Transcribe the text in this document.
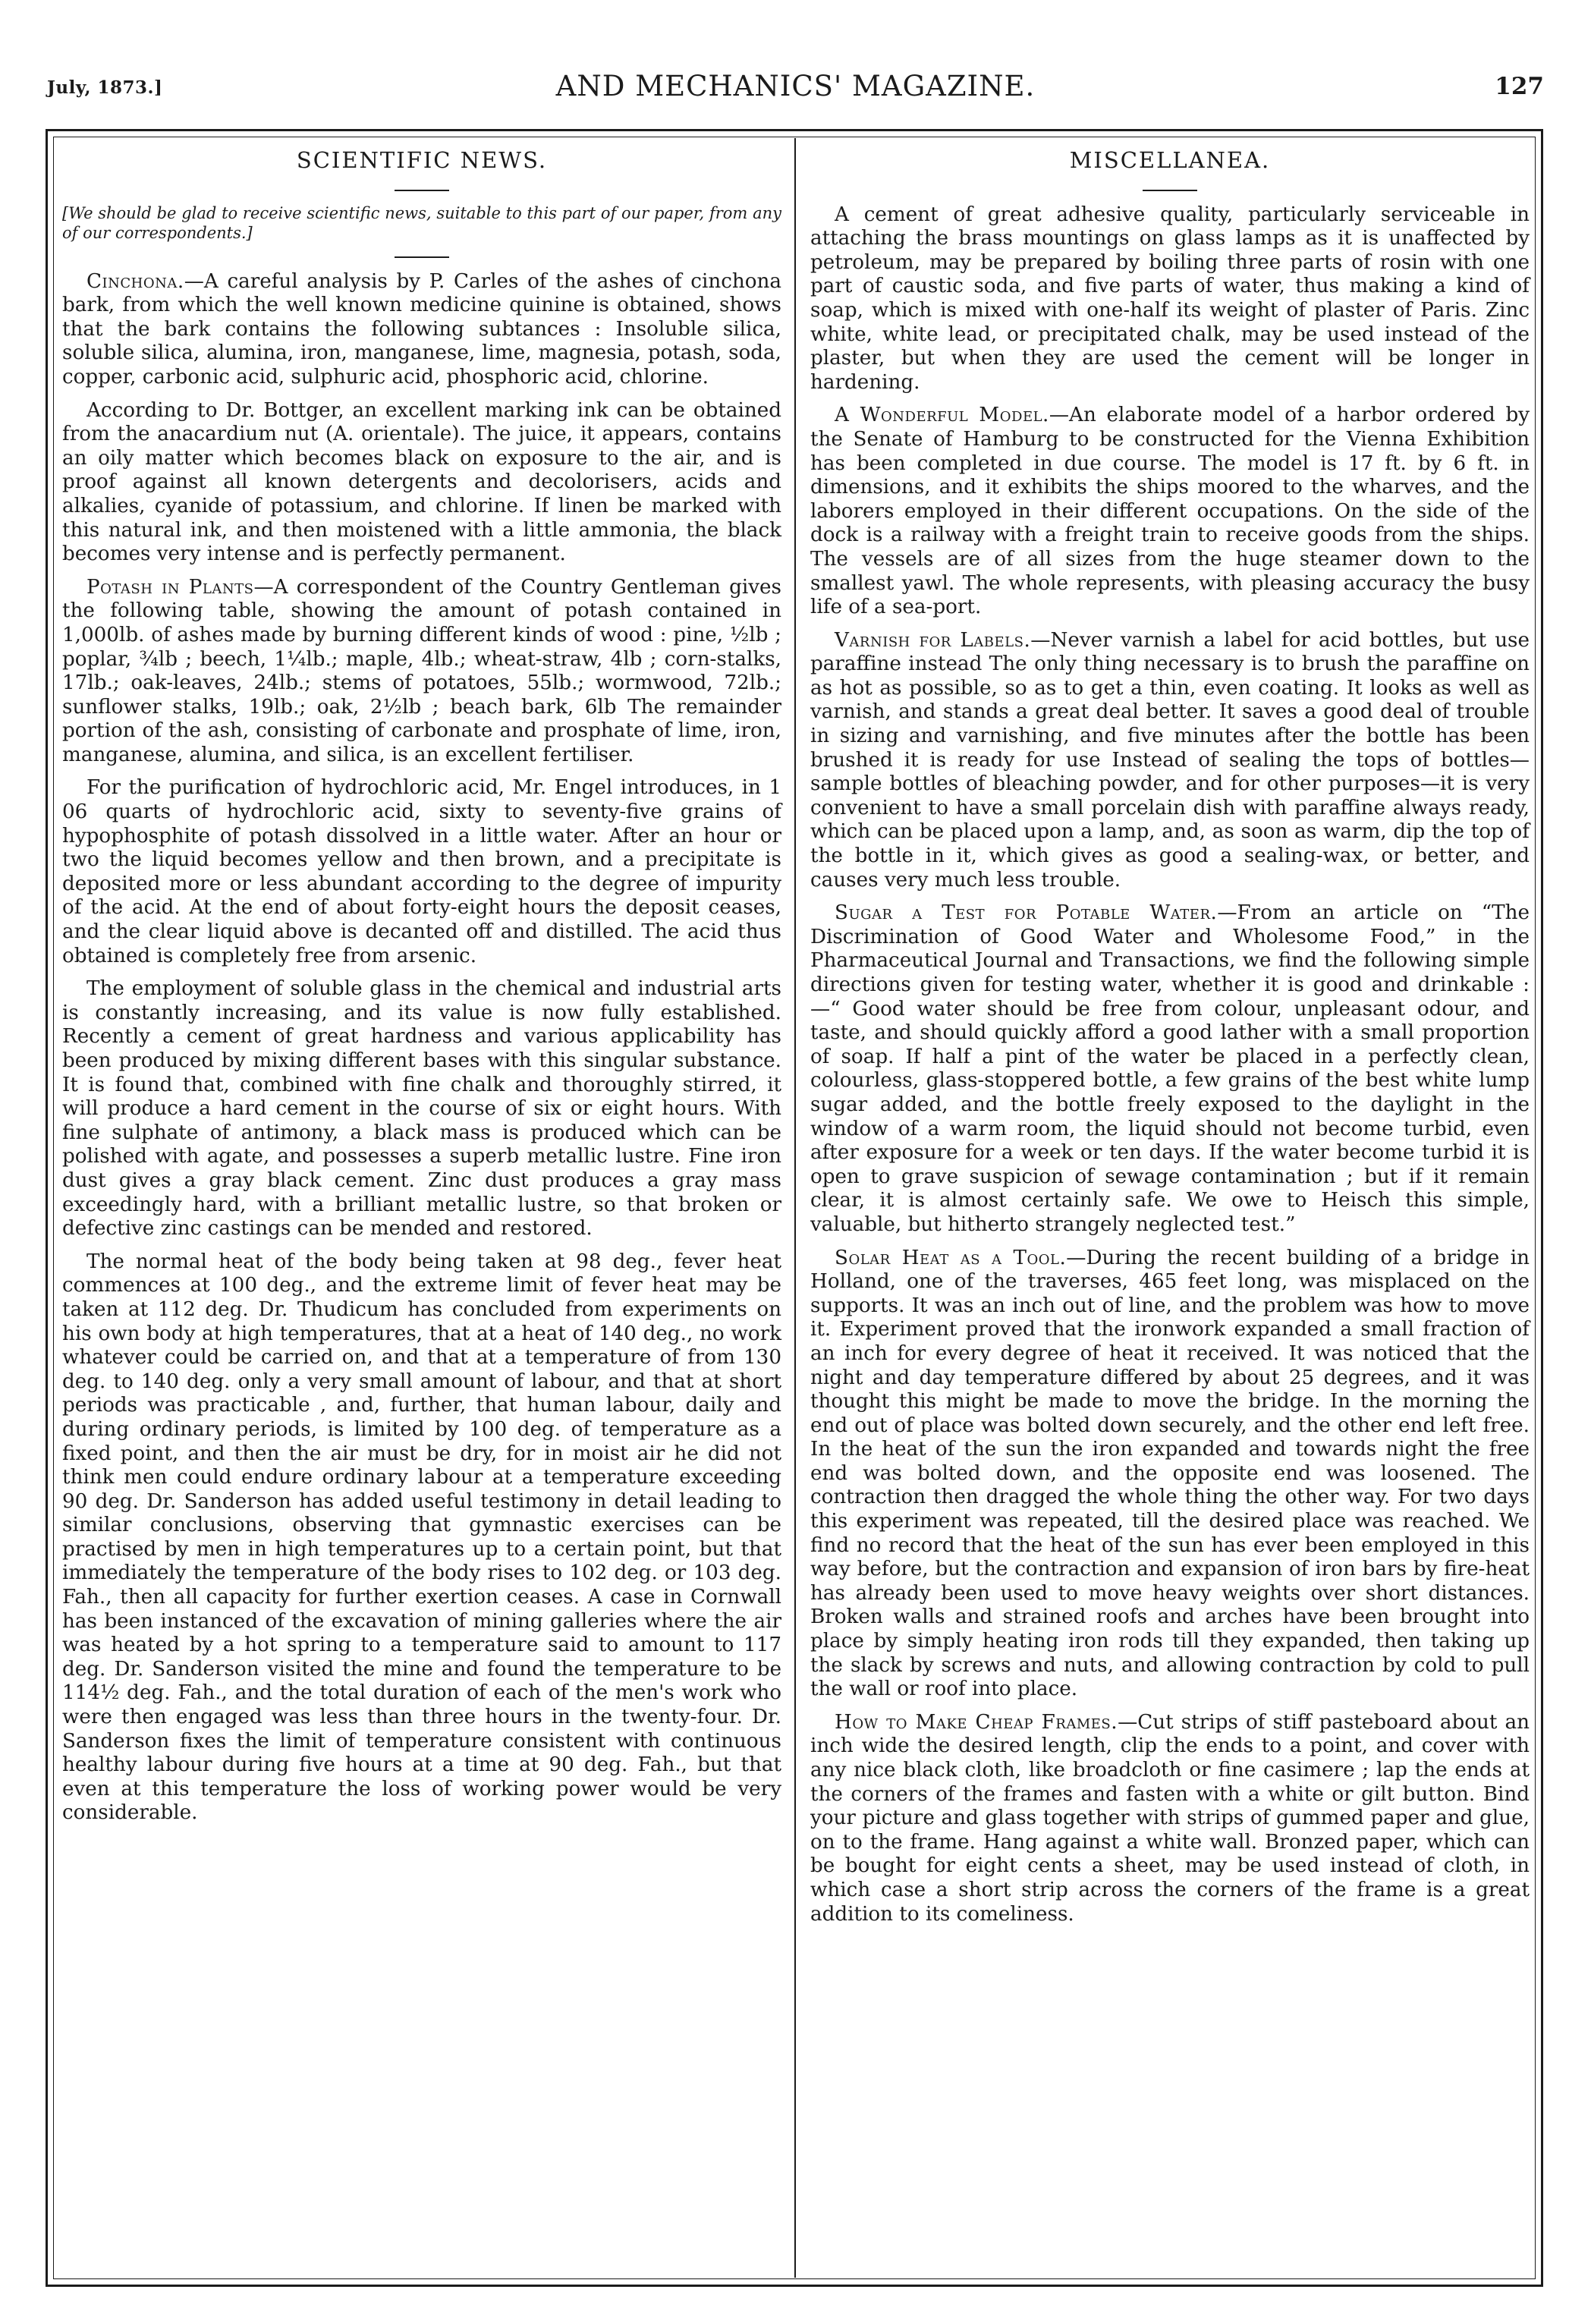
July, 1873.]	AND MECHANICS' MAGAZINE.	127
SCIENTIFIC NEWS.
[We should be glad to receive scientific news, suitable to this part of our paper, from any of our correspondents.]

Cinchona.—A careful analysis by P. Carles of the ashes of cinchona bark, from which the well known medicine quinine is obtained, shows that the bark contains the following subtances : Insoluble silica, soluble silica, alumina, iron, manganese, lime, magnesia, potash, soda, copper, carbonic acid, sulphuric acid, phosphoric acid, chlorine.

According to Dr. Bottger, an excellent marking ink can be obtained from the anacardium nut (A. orientale). The juice, it appears, contains an oily matter which becomes black on exposure to the air, and is proof against all known detergents and decolorisers, acids and alkalies, cyanide of potassium, and chlorine. If linen be marked with this natural ink, and then moistened with a little ammonia, the black becomes very intense and is perfectly permanent.

Potash in Plants—A correspondent of the Country Gentleman gives the following table, showing the amount of potash contained in 1,000lb. of ashes made by burning different kinds of wood : pine, ½lb ; poplar, ¾lb ; beech, 1¼lb.; maple, 4lb.; wheat-straw, 4lb ; corn-stalks, 17lb.; oak-leaves, 24lb.; stems of potatoes, 55lb.; wormwood, 72lb.; sunflower stalks, 19lb.; oak, 2½lb ; beach bark, 6lb The remainder portion of the ash, consisting of carbonate and prosphate of lime, iron, manganese, alumina, and silica, is an excellent fertiliser.

For the purification of hydrochloric acid, Mr. Engel introduces, in 1 06 quarts of hydrochloric acid, sixty to seventy-five grains of hypophosphite of potash dissolved in a little water. After an hour or two the liquid becomes yellow and then brown, and a precipitate is deposited more or less abundant according to the degree of impurity of the acid. At the end of about forty-eight hours the deposit ceases, and the clear liquid above is decanted off and distilled. The acid thus obtained is completely free from arsenic.

The employment of soluble glass in the chemical and industrial arts is constantly increasing, and its value is now fully established. Recently a cement of great hardness and various applicability has been produced by mixing different bases with this singular substance. It is found that, combined with fine chalk and thoroughly stirred, it will produce a hard cement in the course of six or eight hours. With fine sulphate of antimony, a black mass is produced which can be polished with agate, and possesses a superb metallic lustre. Fine iron dust gives a gray black cement. Zinc dust produces a gray mass exceedingly hard, with a brilliant metallic lustre, so that broken or defective zinc castings can be mended and restored.

The normal heat of the body being taken at 98 deg., fever heat commences at 100 deg., and the extreme limit of fever heat may be taken at 112 deg. Dr. Thudicum has concluded from experiments on his own body at high temperatures, that at a heat of 140 deg., no work whatever could be carried on, and that at a temperature of from 130 deg. to 140 deg. only a very small amount of labour, and that at short periods was practicable , and, further, that human labour, daily and during ordinary periods, is limited by 100 deg. of temperature as a fixed point, and then the air must be dry, for in moist air he did not think men could endure ordinary labour at a temperature exceeding 90 deg. Dr. Sanderson has added useful testimony in detail leading to similar conclusions, observing that gymnastic exercises can be practised by men in high temperatures up to a certain point, but that immediately the temperature of the body rises to 102 deg. or 103 deg. Fah., then all capacity for further exertion ceases. A case in Cornwall has been instanced of the excavation of mining galleries where the air was heated by a hot spring to a temperature said to amount to 117 deg. Dr. Sanderson visited the mine and found the temperature to be 114½ deg. Fah., and the total duration of each of the men's work who were then engaged was less than three hours in the twenty-four. Dr. Sanderson fixes the limit of temperature consistent with continuous healthy labour during five hours at a time at 90 deg. Fah., but that even at this temperature the loss of working power would be very considerable.

MISCELLANEA.

A cement of great adhesive quality, particularly serviceable in attaching the brass mountings on glass lamps as it is unaffected by petroleum, may be prepared by boiling three parts of rosin with one part of caustic soda, and five parts of water, thus making a kind of soap, which is mixed with one-half its weight of plaster of Paris. Zinc white, white lead, or precipitated chalk, may be used instead of the plaster, but when they are used the cement will be longer in hardening.

A Wonderful Model.—An elaborate model of a harbor ordered by the Senate of Hamburg to be constructed for the Vienna Exhibition has been completed in due course. The model is 17 ft. by 6 ft. in dimensions, and it exhibits the ships moored to the wharves, and the laborers employed in their different occupations. On the side of the dock is a railway with a freight train to receive goods from the ships. The vessels are of all sizes from the huge steamer down to the smallest yawl. The whole represents, with pleasing accuracy the busy life of a sea-port.

Varnish for Labels.—Never varnish a label for acid bottles, but use paraffine instead The only thing necessary is to brush the paraffine on as hot as possible, so as to get a thin, even coating. It looks as well as varnish, and stands a great deal better. It saves a good deal of trouble in sizing and varnishing, and five minutes after the bottle has been brushed it is ready for use Instead of sealing the tops of bottles—sample bottles of bleaching powder, and for other purposes—it is very convenient to have a small porcelain dish with paraffine always ready, which can be placed upon a lamp, and, as soon as warm, dip the top of the bottle in it, which gives as good a sealing-wax, or better, and causes very much less trouble.

Sugar a Test for Potable Water.—From an article on “The Discrimination of Good Water and Wholesome Food,” in the Pharmaceutical Journal and Transactions, we find the following simple directions given for testing water, whether it is good and drinkable :—“ Good water should be free from colour, unpleasant odour, and taste, and should quickly afford a good lather with a small proportion of soap. If half a pint of the water be placed in a perfectly clean, colourless, glass-stoppered bottle, a few grains of the best white lump sugar added, and the bottle freely exposed to the daylight in the window of a warm room, the liquid should not become turbid, even after exposure for a week or ten days. If the water become turbid it is open to grave suspicion of sewage contamination ; but if it remain clear, it is almost certainly safe. We owe to Heisch this simple, valuable, but hitherto strangely neglected test.”

Solar Heat as a Tool.—During the recent building of a bridge in Holland, one of the traverses, 465 feet long, was misplaced on the supports. It was an inch out of line, and the problem was how to move it. Experiment proved that the ironwork expanded a small fraction of an inch for every degree of heat it received. It was noticed that the night and day temperature differed by about 25 degrees, and it was thought this might be made to move the bridge. In the morning the end out of place was bolted down securely, and the other end left free. In the heat of the sun the iron expanded and towards night the free end was bolted down, and the opposite end was loosened. The contraction then dragged the whole thing the other way. For two days this experiment was repeated, till the desired place was reached. We find no record that the heat of the sun has ever been employed in this way before, but the contraction and expansion of iron bars by fire-heat has already been used to move heavy weights over short distances. Broken walls and strained roofs and arches have been brought into place by simply heating iron rods till they expanded, then taking up the slack by screws and nuts, and allowing contraction by cold to pull the wall or roof into place.

How to Make Cheap Frames.—Cut strips of stiff pasteboard about an inch wide the desired length, clip the ends to a point, and cover with any nice black cloth, like broadcloth or fine casimere ; lap the ends at the corners of the frames and fasten with a white or gilt button. Bind your picture and glass together with strips of gummed paper and glue, on to the frame. Hang against a white wall. Bronzed paper, which can be bought for eight cents a sheet, may be used instead of cloth, in which case a short strip across the corners of the frame is a great addition to its comeliness.
